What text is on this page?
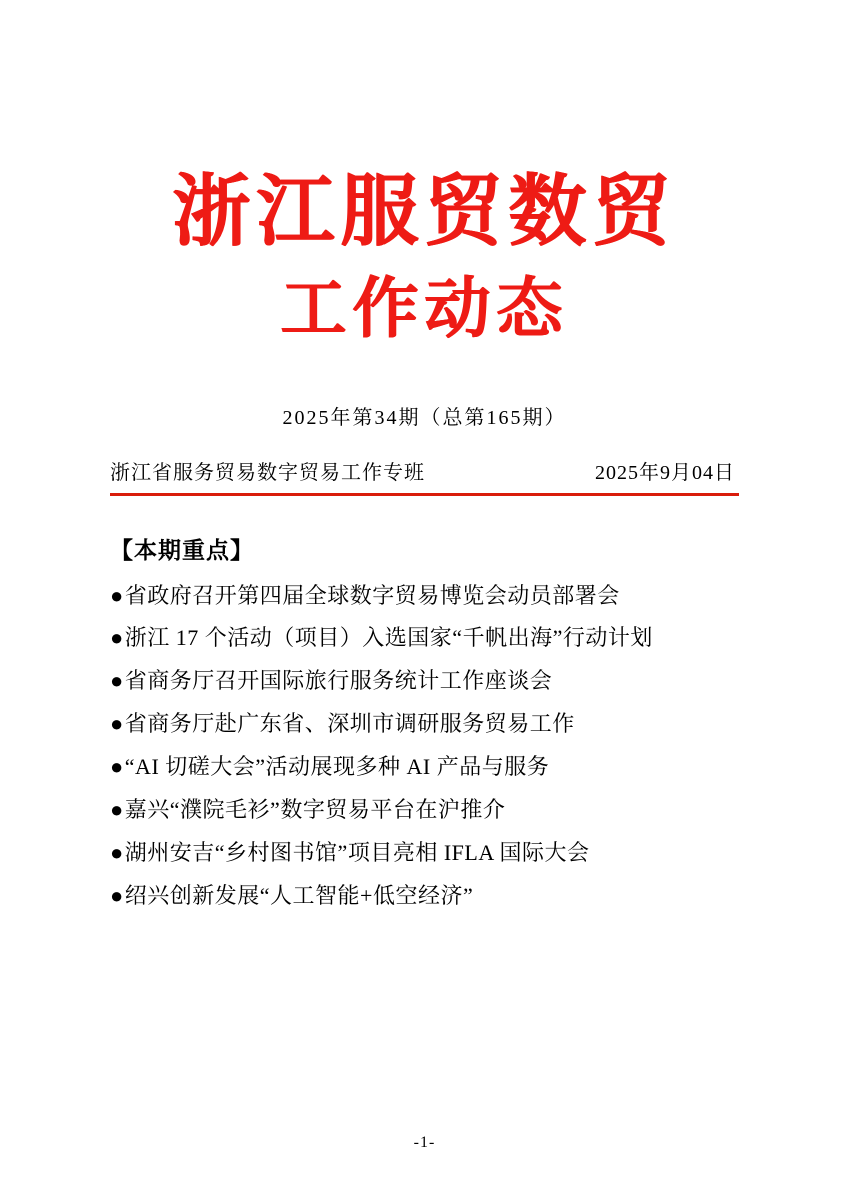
浙江服贸数贸
工作动态
2025年第34期（总第165期）
浙江省服务贸易数字贸易工作专班	2025年9月04日
【本期重点】
●省政府召开第四届全球数字贸易博览会动员部署会
●浙江 17 个活动（项目）入选国家“千帆出海”行动计划
●省商务厅召开国际旅行服务统计工作座谈会
●省商务厅赴广东省、深圳市调研服务贸易工作
●“AI 切磋大会”活动展现多种 AI 产品与服务
●嘉兴“濮院毛衫”数字贸易平台在沪推介
●湖州安吉“乡村图书馆”项目亮相 IFLA 国际大会
●绍兴创新发展“人工智能+低空经济”
-1-
